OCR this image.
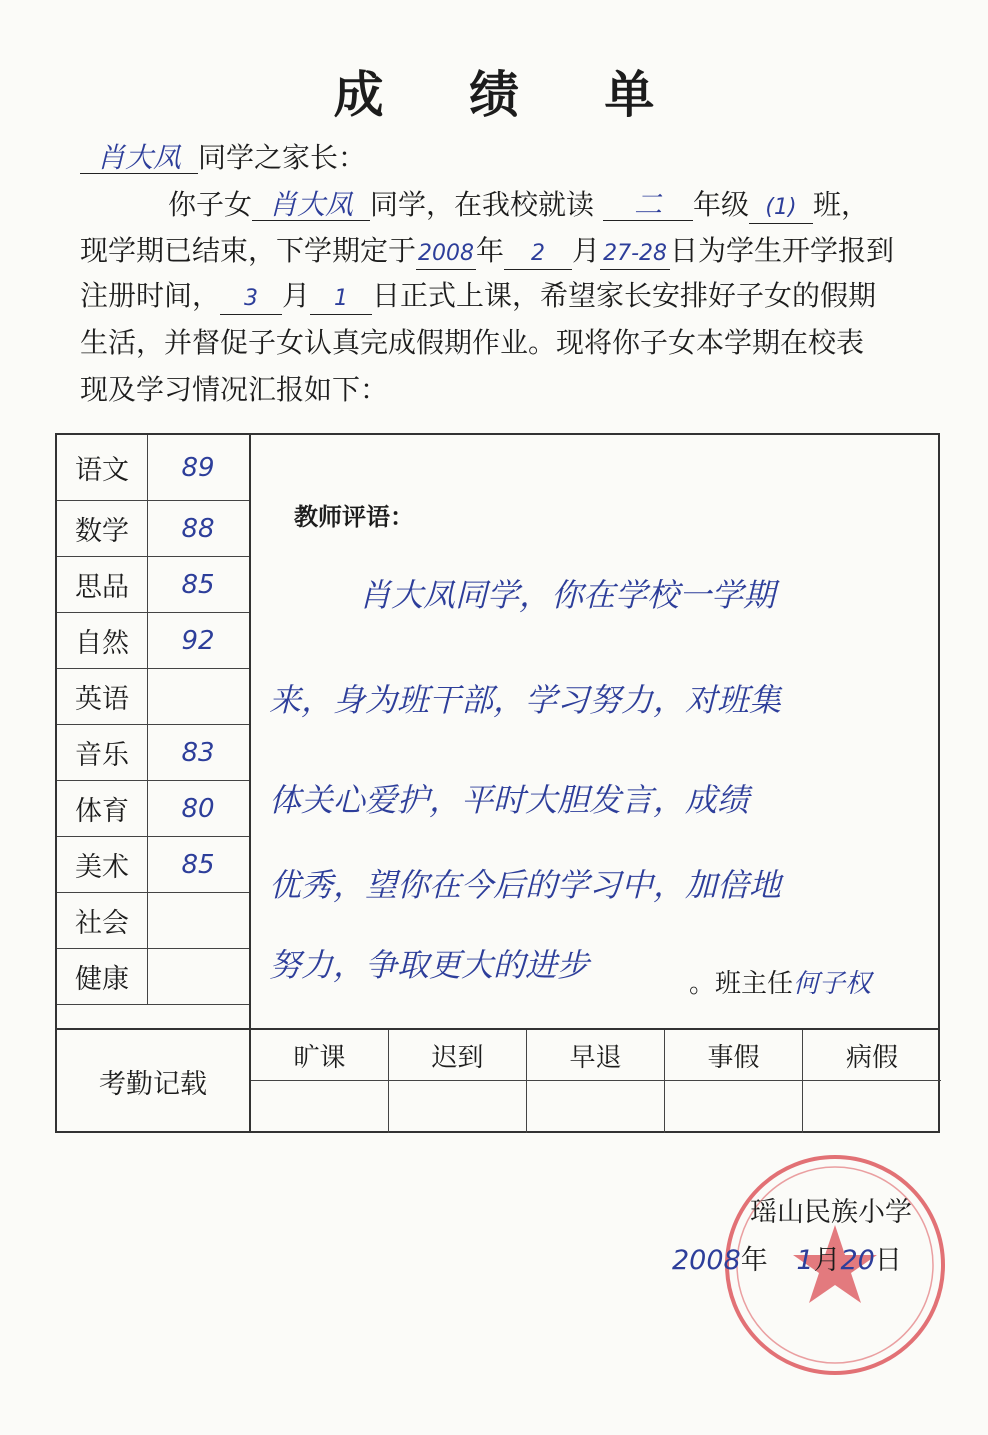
成 绩 单
肖大凤 同学之家长：
你子女 肖大凤 同学，在我校就读 二 年级 (1) 班，
现学期已结束，下学期定于2008年 2 月 27-28 日为学生开学报到
注册时间， 3 月 1 日正式上课，希望家长安排好子女的假期
生活，并督促子女认真完成假期作业。现将你子女本学期在校表
现及学习情况汇报如下：
语文	89
数学	88
思品	85
自然	92
英语
音乐	83
体育	80
美术	85
社会
健康
教师评语：
肖大凤同学，你在学校一学期
来，身为班干部，学习努力，对班集
体关心爱护，平时大胆发言，成绩
优秀，望你在今后的学习中，加倍地
努力，争取更大的进步	。班主任何子权
考勤记载
旷课	迟到	早退	事假	病假
瑶山民族小学
2008年 1月20日
